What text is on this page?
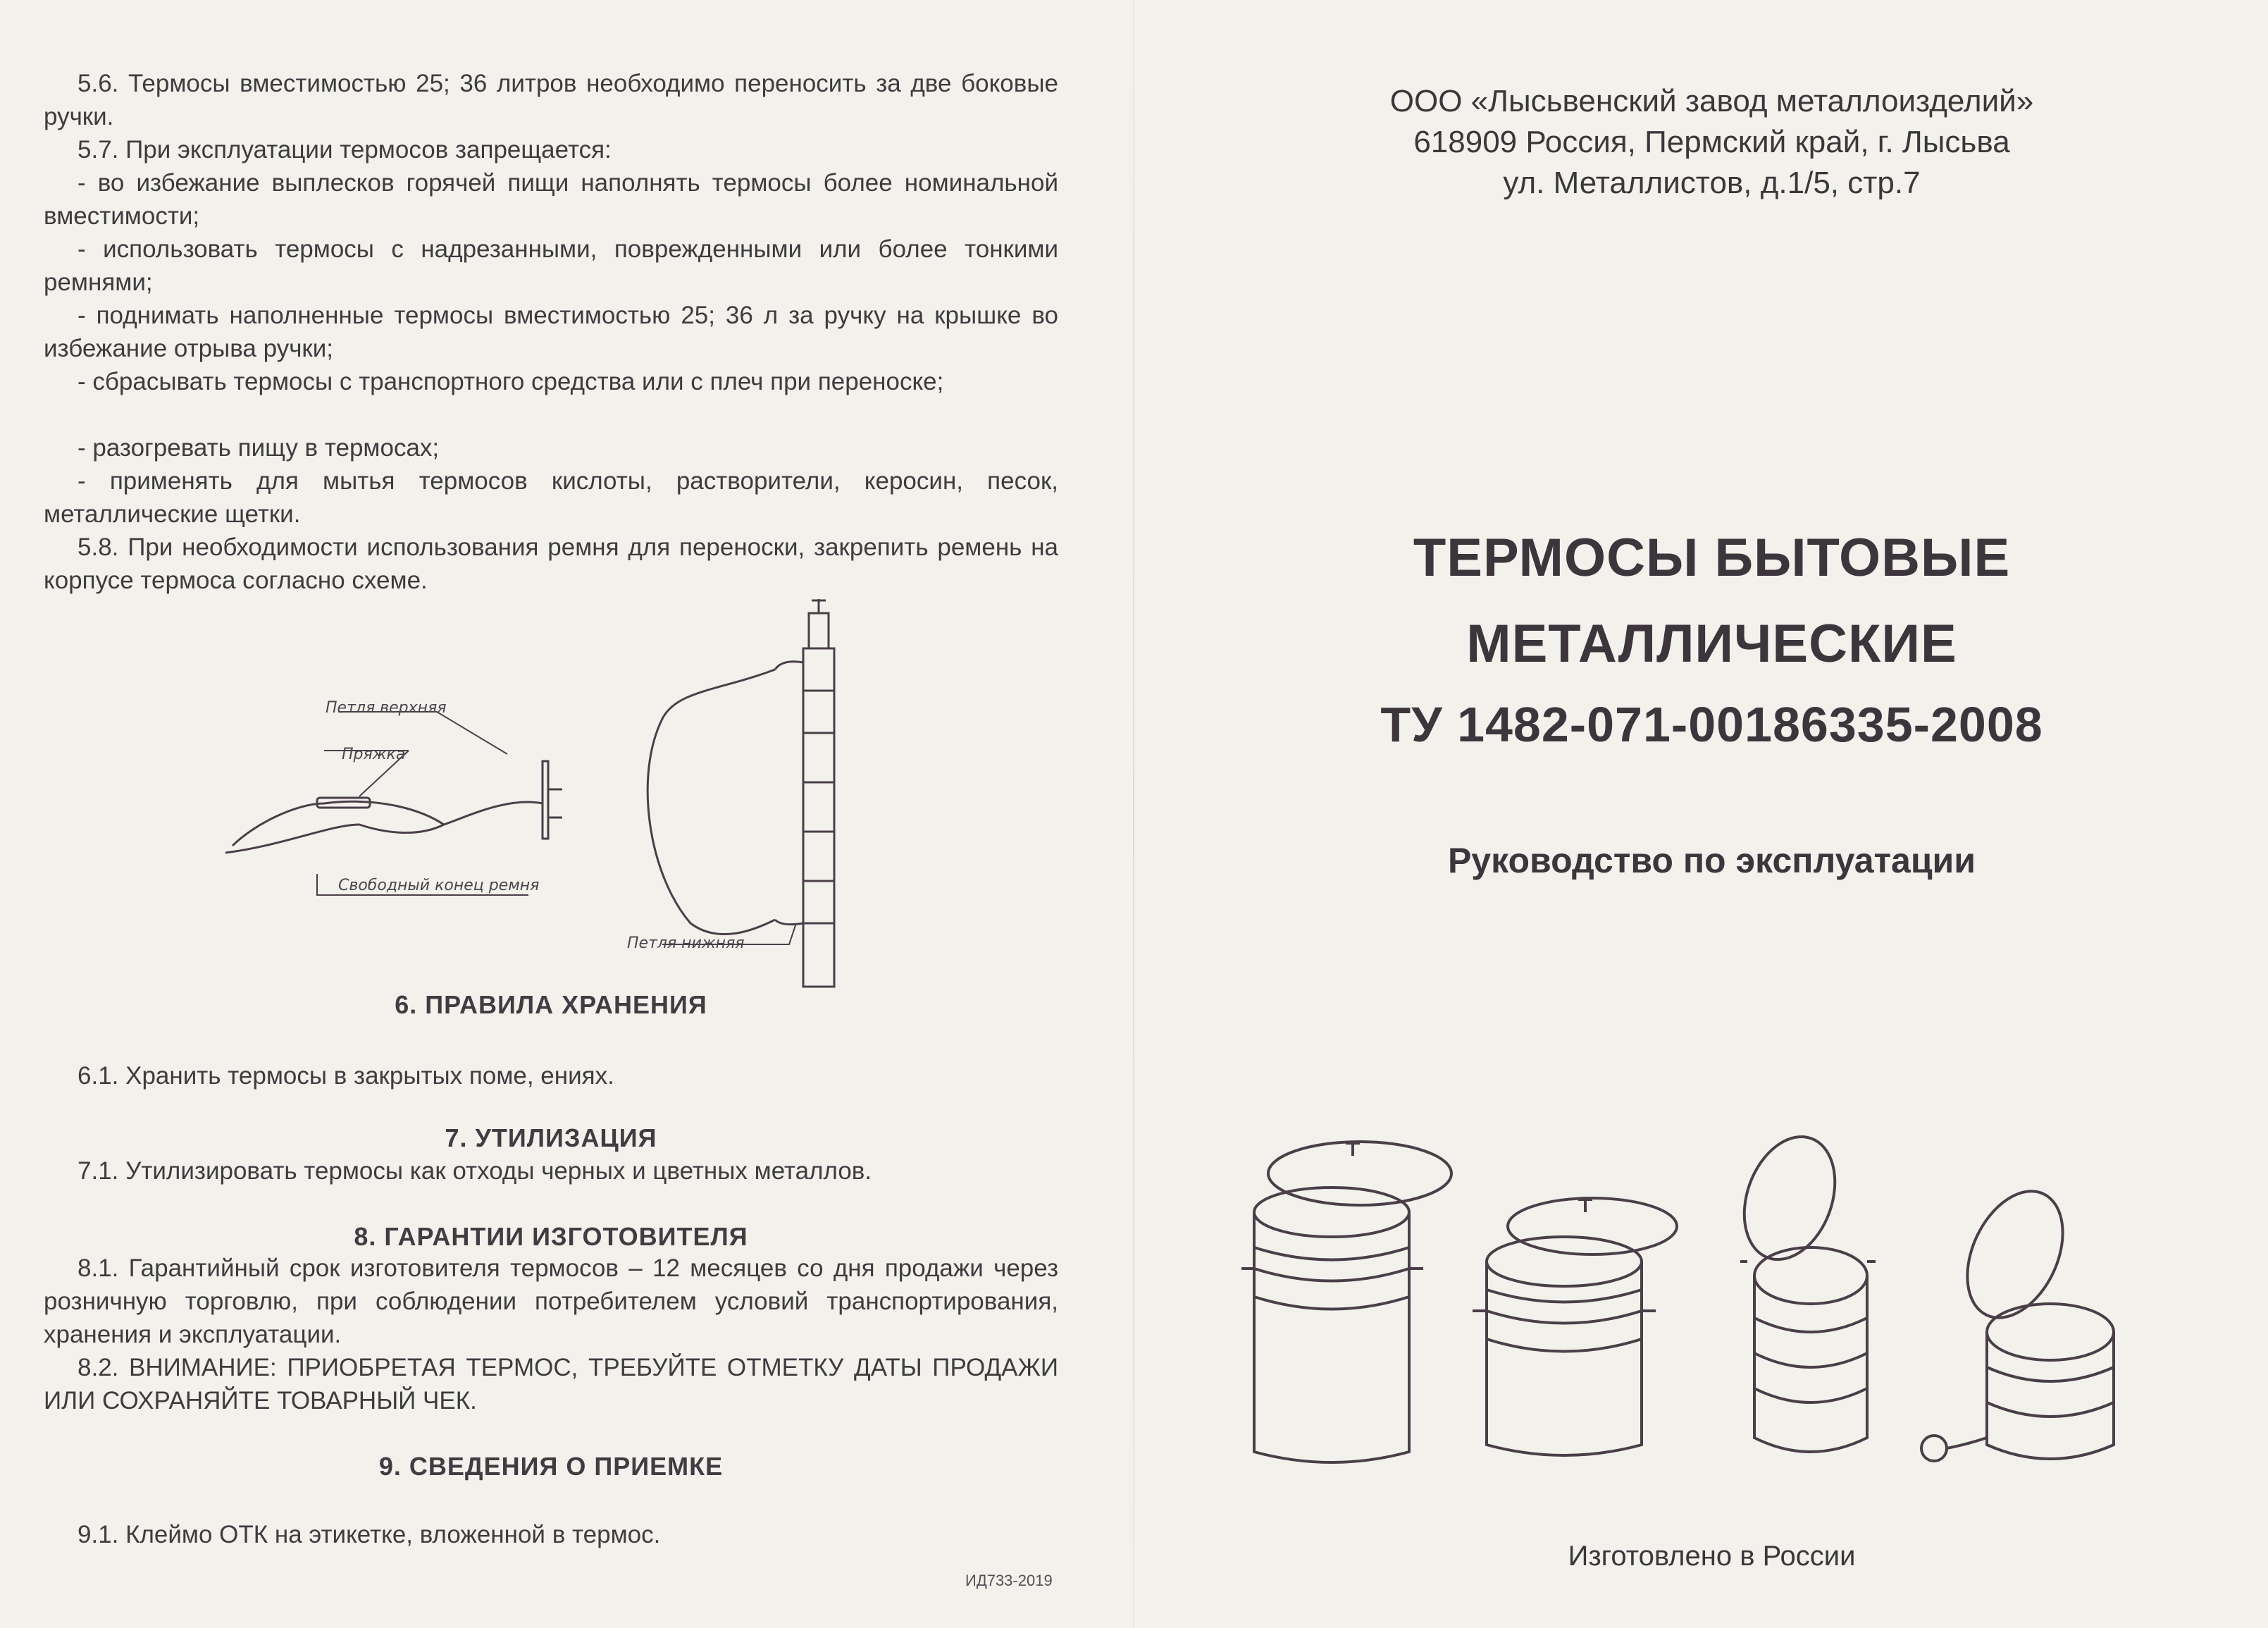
5.6. Термосы вместимостью 25; 36 литров необходимо переносить за две боковые ручки.
5.7. При эксплуатации термосов запрещается:
- во избежание выплесков горячей пищи наполнять термосы более номинальной вместимости;
- использовать термосы с надрезанными, поврежденными или более тонкими ремнями;
- поднимать наполненные термосы вместимостью 25; 36 л за ручку на крышке во избежание отрыва ручки;
- сбрасывать термосы с транспортного средства или с плеч при переноске;
- разогревать пищу в термосах;
- применять для мытья термосов кислоты, растворители, керосин, песок, металлические щетки.
5.8. При необходимости использования ремня для переноски, закрепить ремень на корпусе термоса согласно схеме.
Петля верхняя
Пряжка
Свободный конец ремня
Петля нижняя
6. ПРАВИЛА ХРАНЕНИЯ
6.1. Хранить термосы в закрытых поме, ениях.
7. УТИЛИЗАЦИЯ
7.1. Утилизировать термосы как отходы черных и цветных металлов.
8. ГАРАНТИИ ИЗГОТОВИТЕЛЯ
8.1. Гарантийный срок изготовителя термосов – 12 месяцев со дня продажи через розничную торговлю, при соблюдении потребителем условий транспортирования, хранения и эксплуатации.
8.2. ВНИМАНИЕ: ПРИОБРЕТАЯ ТЕРМОС, ТРЕБУЙТЕ ОТМЕТКУ ДАТЫ ПРОДАЖИ ИЛИ СОХРАНЯЙТЕ ТОВАРНЫЙ ЧЕК.
9. СВЕДЕНИЯ О ПРИЕМКЕ
9.1. Клеймо ОТК на этикетке, вложенной в термос.
ИД733-2019
ООО «Лысьвенский завод металлоизделий»
618909 Россия, Пермский край, г. Лысьва
ул. Металлистов, д.1/5, стр.7
ТЕРМОСЫ БЫТОВЫЕ
МЕТАЛЛИЧЕСКИЕ
ТУ 1482-071-00186335-2008
Руководство по эксплуатации
Изготовлено в России
